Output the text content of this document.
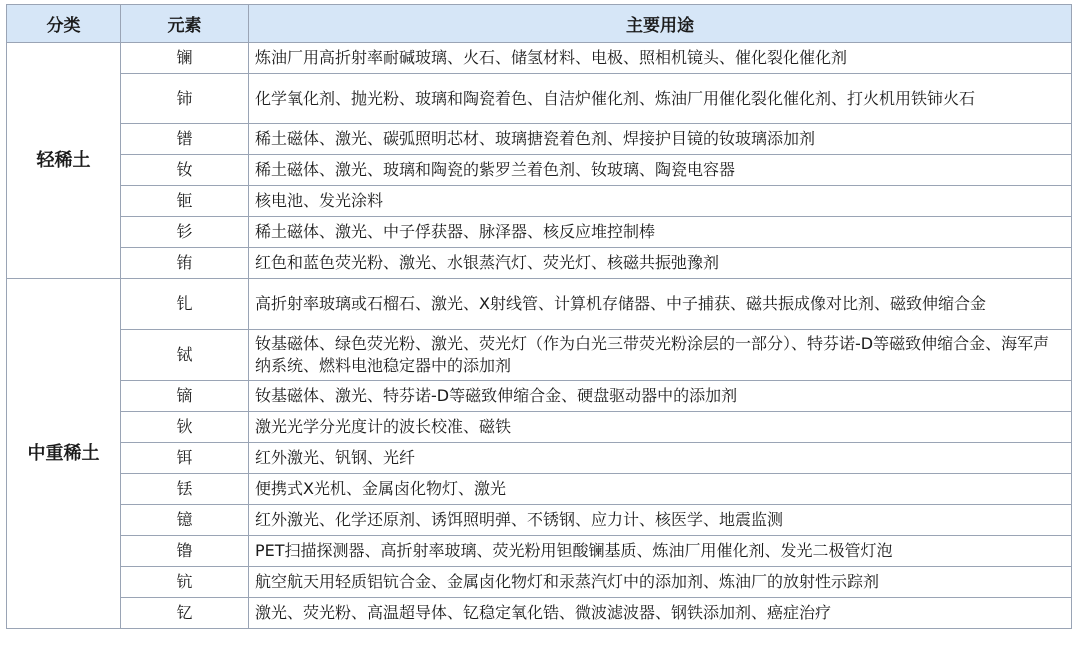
分类	元素	主要用途
轻稀土	镧	炼油厂用高折射率耐碱玻璃、火石、储氢材料、电极、照相机镜头、催化裂化催化剂
	铈	化学氧化剂、抛光粉、玻璃和陶瓷着色、自洁炉催化剂、炼油厂用催化裂化催化剂、打火机用铁铈火石
	镨	稀土磁体、激光、碳弧照明芯材、玻璃搪瓷着色剂、焊接护目镜的钕玻璃添加剂
	钕	稀土磁体、激光、玻璃和陶瓷的紫罗兰着色剂、钕玻璃、陶瓷电容器
	钷	核电池、发光涂料
	钐	稀土磁体、激光、中子俘获器、脉泽器、核反应堆控制棒
	铕	红色和蓝色荧光粉、激光、水银蒸汽灯、荧光灯、核磁共振弛豫剂
中重稀土	钆	高折射率玻璃或石榴石、激光、X射线管、计算机存储器、中子捕获、磁共振成像对比剂、磁致伸缩合金
	铽	钕基磁体、绿色荧光粉、激光、荧光灯（作为白光三带荧光粉涂层的一部分）、特芬诺-D等磁致伸缩合金、海军声纳系统、燃料电池稳定器中的添加剂
	镝	钕基磁体、激光、特芬诺-D等磁致伸缩合金、硬盘驱动器中的添加剂
	钬	激光光学分光度计的波长校准、磁铁
	铒	红外激光、钒钢、光纤
	铥	便携式X光机、金属卤化物灯、激光
	镱	红外激光、化学还原剂、诱饵照明弹、不锈钢、应力计、核医学、地震监测
	镥	PET扫描探测器、高折射率玻璃、荧光粉用钽酸镧基质、炼油厂用催化剂、发光二极管灯泡
	钪	航空航天用轻质铝钪合金、金属卤化物灯和汞蒸汽灯中的添加剂、炼油厂的放射性示踪剂
	钇	激光、荧光粉、高温超导体、钇稳定氧化锆、微波滤波器、钢铁添加剂、癌症治疗
